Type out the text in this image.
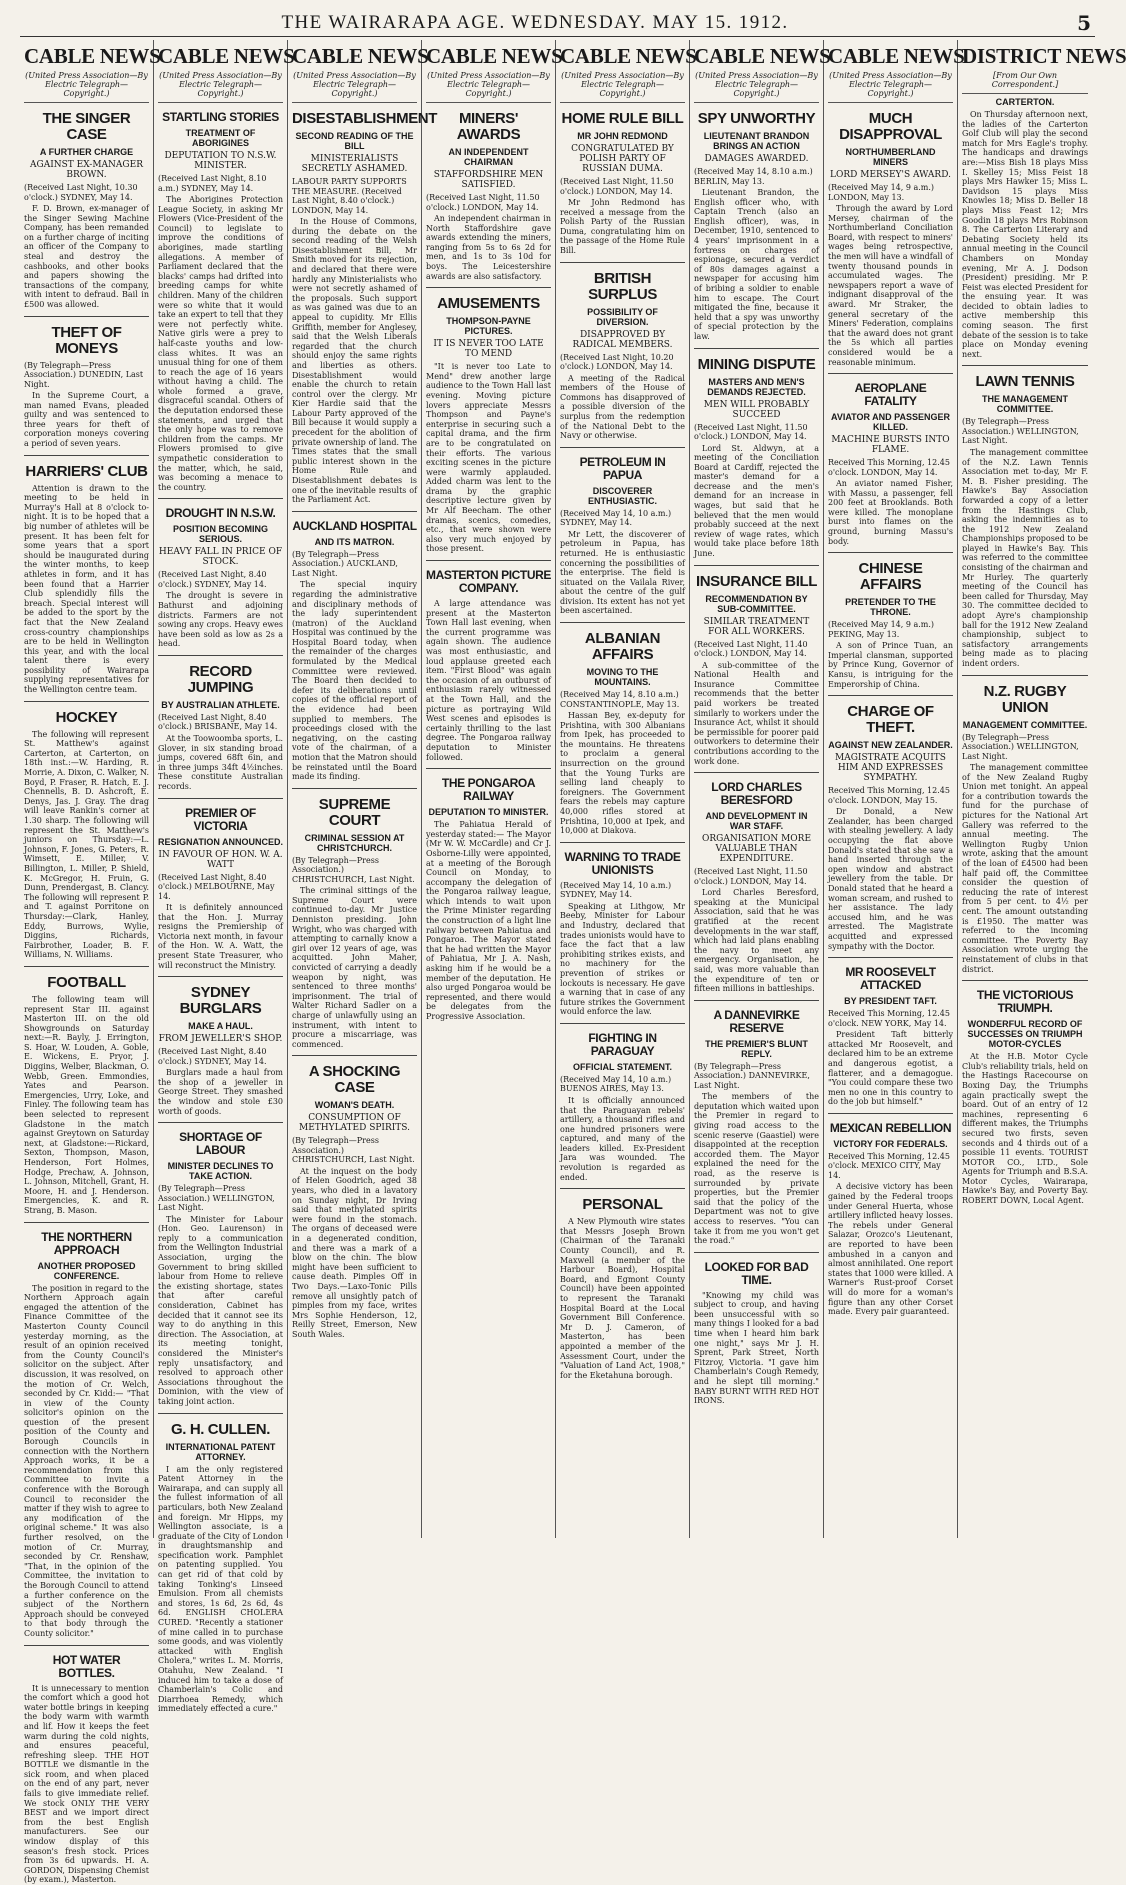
THE WAIRARAPA AGE. WEDNESDAY. MAY 15. 1912.	5
CABLE NEWS
(United Press Association—By Electric Telegraph—Copyright.)
THE SINGER CASE
A FURTHER CHARGE
AGAINST EX-MANAGER BROWN.
(Received Last Night, 10.30 o'clock.) SYDNEY, May 14.
F. D. Brown, ex-manager of the Singer Sewing Machine Company, has been remanded on a further charge of inciting an officer of the Company to steal and destroy the cashbooks, and other books and papers showing the transactions of the company, with intent to defraud. Bail in £500 was allowed.
THEFT OF MONEYS
(By Telegraph—Press Association.) DUNEDIN, Last Night.
In the Supreme Court, a man named Evans, pleaded guilty and was sentenced to three years for theft of corporation moneys covering a period of seven years.
HARRIERS' CLUB
Attention is drawn to the meeting to be held in Murray's Hall at 8 o'clock to-night. It is to be hoped that a big number of athletes will be present. It has been felt for some years that a sport should be inaugurated during the winter months, to keep athletes in form, and it has been found that a Harrier Club splendidly fills the breach. Special interest will be added to the sport by the fact that the New Zealand cross-country championships are to be held in Wellington this year, and with the local talent there is every possibility of Wairarapa supplying representatives for the Wellington centre team.
HOCKEY
The following will represent St. Matthew's against Carterton, at Carterton, on 18th inst.:—W. Harding, R. Morrie, A. Dixon, C. Walker, N. Boyd, P. Fraser, R. Hatch, E. J. Chennells, B. D. Ashcroft, E. Denys, Jas. J. Gray. The drag will leave Rankin's corner at 1.30 sharp. The following will represent the St. Matthew's juniors on Thursday:—L. Johnson, F. Jones, G. Peters, R. Wimsett, E. Miller, V. Billington, L. Miller, P. Shield, K. McGregor, H. Fruin, G. Dunn, Prendergast, B. Clancy. The following will represent P. and T. against Porritone on Thursday:—Clark, Hanley, Eddy, Burrows, Wylie, Diggins, Richards, Fairbrother, Loader, B. F. Williams, N. Williams.
FOOTBALL
The following team will represent Star III. against Masterton III. on the old Showgrounds on Saturday next:—R. Bayly, J. Errington, S. Hoar, W. Louden, A. Goble, E. Wickens, E. Pryor, J. Diggins, Welber, Blackman, O. Webb, Green. Emmondies, Yates and Pearson. Emergencies, Urry, Loke, and Finley. The following team has been selected to represent Gladstone in the match against Greytown on Saturday next, at Gladstone:—Rickard, Sexton, Thompson, Mason, Henderson, Fort Holmes, Hodge, Prechaw, A. Johnson, L. Johnson, Mitchell, Grant, H. Moore, H. and J. Henderson. Emergencies, K. and R. Strang, B. Mason.
THE NORTHERN APPROACH
ANOTHER PROPOSED CONFERENCE.
The position in regard to the Northern Approach again engaged the attention of the Finance Committee of the Masterton County Council yesterday morning, as the result of an opinion received from the County Council's solicitor on the subject. After discussion, it was resolved, on the motion of Cr. Welch, seconded by Cr. Kidd:— "That in view of the County solicitor's opinion on the question of the present position of the County and Borough Councils in connection with the Northern Approach works, it be a recommendation from this Committee to invite a conference with the Borough Council to reconsider the matter if they wish to agree to any modification of the original scheme." It was also further resolved, on the motion of Cr. Murray, seconded by Cr. Renshaw, "That, in the opinion of the Committee, the invitation to the Borough Council to attend a further conference on the subject of the Northern Approach should be conveyed to that body through the County solicitor."
HOT WATER BOTTLES.
It is unnecessary to mention the comfort which a good hot water bottle brings in keeping the body warm with warmth and lif. How it keeps the feet warm during the cold nights, and ensures peaceful, refreshing sleep. THE HOT BOTTLE we dismantle in the sick room, and when placed on the end of any part, never fails to give immediate relief. We stock ONLY THE VERY BEST and we import direct from the best English manufacturers. See our window display of this season's fresh stock. Prices from 3s 6d upwards. H. A. GORDON, Dispensing Chemist (by exam.), Masterton.
CABLE NEWS
(United Press Association—By Electric Telegraph—Copyright.)
STARTLING STORIES
TREATMENT OF ABORIGINES
DEPUTATION TO N.S.W. MINISTER.
(Received Last Night, 8.10 a.m.) SYDNEY, May 14.
The Aborigines Protection League Society, in asking Mr Flowers (Vice-President of the Council) to legislate to improve the conditions of aborigines, made startling allegations. A member of Parliament declared that the blacks' camps had drifted into breeding camps for white children. Many of the children were so white that it would take an expert to tell that they were not perfectly white. Native girls were a prey to half-caste youths and low-class whites. It was an unusual thing for one of them to reach the age of 16 years without having a child. The whole formed a grave, disgraceful scandal. Others of the deputation endorsed these statements, and urged that the only hope was to remove children from the camps. Mr Flowers promised to give sympathetic consideration to the matter, which, he said, was becoming a menace to the country.
DROUGHT IN N.S.W.
POSITION BECOMING SERIOUS.
HEAVY FALL IN PRICE OF STOCK.
(Received Last Night, 8.40 o'clock.) SYDNEY, May 14.
The drought is severe in Bathurst and adjoining districts. Farmers are not sowing any crops. Heavy ewes have been sold as low as 2s a head.
RECORD JUMPING
BY AUSTRALIAN ATHLETE.
(Received Last Night, 8.40 o'clock.) BRISBANE, May 14.
At the Toowoomba sports, L. Glover, in six standing broad jumps, covered 68ft 6in, and in three jumps 34ft 4½inches. These constitute Australian records.
PREMIER OF VICTORIA
RESIGNATION ANNOUNCED.
IN FAVOUR OF HON. W. A. WATT
(Received Last Night, 8.40 o'clock.) MELBOURNE, May 14.
It is definitely announced that the Hon. J. Murray resigns the Premiership of Victoria next month, in favour of the Hon. W. A. Watt, the present State Treasurer, who will reconstruct the Ministry.
SYDNEY BURGLARS
MAKE A HAUL.
FROM JEWELLER'S SHOP.
(Received Last Night, 8.40 o'clock.) SYDNEY, May 14.
Burglars made a haul from the shop of a jeweller in George Street. They smashed the window and stole £30 worth of goods.
SHORTAGE OF LABOUR
MINISTER DECLINES TO TAKE ACTION.
(By Telegraph—Press Association.) WELLINGTON, Last Night.
The Minister for Labour (Hon. Geo. Laurenson) in reply to a communication from the Wellington Industrial Association, urging the Government to bring skilled labour from Home to relieve the existing shortage, states that after careful consideration, Cabinet has decided that it cannot see its way to do anything in this direction. The Association, at its meeting tonight, considered the Minister's reply unsatisfactory, and resolved to approach other Associations throughout the Dominion, with the view of taking joint action.
G. H. CULLEN.
INTERNATIONAL PATENT ATTORNEY.
I am the only registered Patent Attorney in the Wairarapa, and can supply all the fullest information of all particulars, both New Zealand and foreign. Mr Hipps, my Wellington associate, is a graduate of the City of London in draughtsmanship and specification work. Pamphlet on patenting supplied. You can get rid of that cold by taking Tonking's Linseed Emulsion. From all chemists and stores, 1s 6d, 2s 6d, 4s 6d. ENGLISH CHOLERA CURED. "Recently a stationer of mine called in to purchase some goods, and was violently attacked with English Cholera," writes L. M. Morris, Otahuhu, New Zealand. "I induced him to take a dose of Chamberlain's Colic and Diarrhoea Remedy, which immediately effected a cure."
CABLE NEWS
(United Press Association—By Electric Telegraph—Copyright.)
DISESTABLISHMENT
SECOND READING OF THE BILL
MINISTERIALISTS SECRETLY ASHAMED.
LABOUR PARTY SUPPORTS THE MEASURE. (Received Last Night, 8.40 o'clock.) LONDON, May 14.
In the House of Commons, during the debate on the second reading of the Welsh Disestablishment Bill, Mr Smith moved for its rejection, and declared that there were hardly any Ministerialists who were not secretly ashamed of the proposals. Such support as was gained was due to an appeal to cupidity. Mr Ellis Griffith, member for Anglesey, said that the Welsh Liberals regarded that the church should enjoy the same rights and liberties as others. Disestablishment would enable the church to retain control over the clergy. Mr Kier Hardie said that the Labour Party approved of the Bill because it would supply a precedent for the abolition of private ownership of land. The Times states that the small public interest shown in the Home Rule and Disestablishment debates is one of the inevitable results of the Parliament Act.
AUCKLAND HOSPITAL
AND ITS MATRON.
(By Telegraph—Press Association.) AUCKLAND, Last Night.
The special inquiry regarding the administrative and disciplinary methods of the lady superintendent (matron) of the Auckland Hospital was continued by the Hospital Board today, when the remainder of the charges formulated by the Medical Committee were reviewed. The Board then decided to defer its deliberations until copies of the official report of the evidence had been supplied to members. The proceedings closed with the negativing, on the casting vote of the chairman, of a motion that the Matron should be reinstated until the Board made its finding.
SUPREME COURT
CRIMINAL SESSION AT CHRISTCHURCH.
(By Telegraph—Press Association.) CHRISTCHURCH, Last Night.
The criminal sittings of the Supreme Court were continued to-day. Mr Justice Denniston presiding. John Wright, who was charged with attempting to carnally know a girl over 12 years of age, was acquitted. John Maher, convicted of carrying a deadly weapon by night, was sentenced to three months' imprisonment. The trial of Walter Richard Sadler on a charge of unlawfully using an instrument, with intent to procure a miscarriage, was commenced.
A SHOCKING CASE
WOMAN'S DEATH.
CONSUMPTION OF METHYLATED SPIRITS.
(By Telegraph—Press Association.) CHRISTCHURCH, Last Night.
At the inquest on the body of Helen Goodrich, aged 38 years, who died in a lavatory on Sunday night, Dr Irving said that methylated spirits were found in the stomach. The organs of deceased were in a degenerated condition, and there was a mark of a blow on the chin. The blow might have been sufficient to cause death. Pimples Off in Two Days.—Laxo-Tonic Pills remove all unsightly patch of pimples from my face, writes Mrs Sophie Henderson, 12, Reilly Street, Emerson, New South Wales.
CABLE NEWS
(United Press Association—By Electric Telegraph—Copyright.)
MINERS' AWARDS
AN INDEPENDENT CHAIRMAN
STAFFORDSHIRE MEN SATISFIED.
(Received Last Night, 11.50 o'clock.) LONDON, May 14.
An independent chairman in North Staffordshire gave awards extending the miners, ranging from 5s to 6s 2d for men, and 1s to 3s 10d for boys. The Leicestershire awards are also satisfactory.
AMUSEMENTS
THOMPSON-PAYNE PICTURES.
IT IS NEVER TOO LATE TO MEND
"It is never too Late to Mend" drew another large audience to the Town Hall last evening. Moving picture lovers appreciate Messrs Thompson and Payne's enterprise in securing such a capital drama, and the firm are to be congratulated on their efforts. The various exciting scenes in the picture were warmly applauded. Added charm was lent to the drama by the graphic descriptive lecture given by Mr Alf Beecham. The other dramas, scenics, comedies, etc., that were shown were also very much enjoyed by those present.
MASTERTON PICTURE COMPANY.
A large attendance was present at the Masterton Town Hall last evening, when the current programme was again shown. The audience was most enthusiastic, and loud applause greeted each item. "First Blood" was again the occasion of an outburst of enthusiasm rarely witnessed at the Town Hall, and the picture as portraying Wild West scenes and episodes is certainly thrilling to the last degree. The Pongaroa railway deputation to Minister followed.
THE PONGAROA RAILWAY
DEPUTATION TO MINISTER.
The Pahiatua Herald of yesterday stated:— The Mayor (Mr W. W. McCardle) and Cr J. Osborne-Lilly were appointed, at a meeting of the Borough Council on Monday, to accompany the delegation of the Pongaroa railway league, which intends to wait upon the Prime Minister regarding the construction of a light line railway between Pahiatua and Pongaroa. The Mayor stated that he had written the Mayor of Pahiatua, Mr J. A. Nash, asking him if he would be a member of the deputation. He also urged Pongaroa would be represented, and there would be delegates from the Progressive Association.
CABLE NEWS
(United Press Association—By Electric Telegraph—Copyright.)
HOME RULE BILL
MR JOHN REDMOND
CONGRATULATED BY POLISH PARTY OF RUSSIAN DUMA.
(Received Last Night, 11.50 o'clock.) LONDON, May 14.
Mr John Redmond has received a message from the Polish Party of the Russian Duma, congratulating him on the passage of the Home Rule Bill.
BRITISH SURPLUS
POSSIBILITY OF DIVERSION.
DISAPPROVED BY RADICAL MEMBERS.
(Received Last Night, 10.20 o'clock.) LONDON, May 14.
A meeting of the Radical members of the House of Commons has disapproved of a possible diversion of the surplus from the redemption of the National Debt to the Navy or otherwise.
PETROLEUM IN PAPUA
DISCOVERER ENTHUSIASTIC.
(Received May 14, 10 a.m.) SYDNEY, May 14.
Mr Lett, the discoverer of petroleum in Papua, has returned. He is enthusiastic concerning the possibilities of the enterprise. The field is situated on the Vailala River, about the centre of the gulf division. Its extent has not yet been ascertained.
ALBANIAN AFFAIRS
MOVING TO THE MOUNTAINS.
(Received May 14, 8.10 a.m.) CONSTANTINOPLE, May 13.
Hassan Bey, ex-deputy for Prishtina, with 300 Albanians from Ipek, has proceeded to the mountains. He threatens to proclaim a general insurrection on the ground that the Young Turks are selling land cheaply to foreigners. The Government fears the rebels may capture 40,000 rifles stored at Prishtina, 10,000 at Ipek, and 10,000 at Diakova.
WARNING TO TRADE UNIONISTS
(Received May 14, 10 a.m.) SYDNEY, May 14.
Speaking at Lithgow, Mr Beeby, Minister for Labour and Industry, declared that trades unionists would have to face the fact that a law prohibiting strikes exists, and no machinery for the prevention of strikes or lockouts is necessary. He gave a warning that in case of any future strikes the Government would enforce the law.
FIGHTING IN PARAGUAY
OFFICIAL STATEMENT.
(Received May 14, 10 a.m.) BUENOS AIRES, May 13.
It is officially announced that the Paraguayan rebels' artillery, a thousand rifles and one hundred prisoners were captured, and many of the leaders killed. Ex-President Jara was wounded. The revolution is regarded as ended.
PERSONAL
A New Plymouth wire states that Messrs Joseph Brown (Chairman of the Taranaki County Council), and R. Maxwell (a member of the Harbour Board), Hospital Board, and Egmont County Council) have been appointed to represent the Taranaki Hospital Board at the Local Government Bill Conference. Mr D. J. Cameron, of Masterton, has been appointed a member of the Assessment Court, under the "Valuation of Land Act, 1908," for the Eketahuna borough.
CABLE NEWS
(United Press Association—By Electric Telegraph—Copyright.)
SPY UNWORTHY
LIEUTENANT BRANDON BRINGS AN ACTION
DAMAGES AWARDED.
(Received May 14, 8.10 a.m.) BERLIN, May 13.
Lieutenant Brandon, the English officer who, with Captain Trench (also an English officer), was, in December, 1910, sentenced to 4 years' imprisonment in a fortress on charges of espionage, secured a verdict of 80s damages against a newspaper for accusing him of bribing a soldier to enable him to escape. The Court mitigated the fine, because it held that a spy was unworthy of special protection by the law.
MINING DISPUTE
MASTERS AND MEN'S DEMANDS REJECTED.
MEN WILL PROBABLY SUCCEED
(Received Last Night, 11.50 o'clock.) LONDON, May 14.
Lord St. Aldwyn, at a meeting of the Conciliation Board at Cardiff, rejected the master's demand for a decrease and the men's demand for an increase in wages, but said that he believed that the men would probably succeed at the next review of wage rates, which would take place before 18th June.
INSURANCE BILL
RECOMMENDATION BY SUB-COMMITTEE.
SIMILAR TREATMENT FOR ALL WORKERS.
(Received Last Night, 11.40 o'clock.) LONDON, May 14.
A sub-committee of the National Health and Insurance Committee recommends that the better paid workers be treated similarly to workers under the Insurance Act, whilst it should be permissible for poorer paid outworkers to determine their contributions according to the work done.
LORD CHARLES BERESFORD
AND DEVELOPMENT IN WAR STAFF.
ORGANISATION MORE VALUABLE THAN EXPENDITURE.
(Received Last Night, 11.50 o'clock.) LONDON, May 14.
Lord Charles Beresford, speaking at the Municipal Association, said that he was gratified at the recent developments in the war staff, which had laid plans enabling the navy to meet any emergency. Organisation, he said, was more valuable than the expenditure of ten or fifteen millions in battleships.
A DANNEVIRKE RESERVE
THE PREMIER'S BLUNT REPLY.
(By Telegraph—Press Association.) DANNEVIRKE, Last Night.
The members of the deputation which waited upon the Premier in regard to giving road access to the scenic reserve (Gaastiel) were disappointed at the reception accorded them. The Mayor explained the need for the road, as the reserve is surrounded by private properties, but the Premier said that the policy of the Department was not to give access to reserves. "You can take it from me you won't get the road."
LOOKED FOR BAD TIME.
"Knowing my child was subject to croup, and having been unsuccessful with so many things I looked for a bad time when I heard him bark one night," says Mr J. H. Sprent, Park Street, North Fitzroy, Victoria. "I gave him Chamberlain's Cough Remedy, and he slept till morning." BABY BURNT WITH RED HOT IRONS.
CABLE NEWS
(United Press Association—By Electric Telegraph—Copyright.)
MUCH DISAPPROVAL
NORTHUMBERLAND MINERS
LORD MERSEY'S AWARD.
(Received May 14, 9 a.m.) LONDON, May 13.
Through the award by Lord Mersey, chairman of the Northumberland Conciliation Board, with respect to miners' wages being retrospective, the men will have a windfall of twenty thousand pounds in accumulated wages. The newspapers report a wave of indignant disapproval of the award. Mr Straker, the general secretary of the Miners' Federation, complains that the award does not grant the 5s which all parties considered would be a reasonable minimum.
AEROPLANE FATALITY
AVIATOR AND PASSENGER KILLED.
MACHINE BURSTS INTO FLAME.
Received This Morning, 12.45 o'clock. LONDON, May 14.
An aviator named Fisher, with Massu, a passenger, fell 200 feet at Brooklands. Both were killed. The monoplane burst into flames on the ground, burning Massu's body.
CHINESE AFFAIRS
PRETENDER TO THE THRONE.
(Received May 14, 9 a.m.) PEKING, May 13.
A son of Prince Tuan, an Imperial clansman, supported by Prince Kung, Governor of Kansu, is intriguing for the Emperorship of China.
CHARGE OF THEFT.
AGAINST NEW ZEALANDER.
MAGISTRATE ACQUITS HIM AND EXPRESSES SYMPATHY.
Received This Morning, 12.45 o'clock. LONDON, May 15.
Dr Donald, a New Zealander, has been charged with stealing jewellery. A lady occupying the flat above Donald's stated that she saw a hand inserted through the open window and abstract jewellery from the table. Dr Donald stated that he heard a woman scream, and rushed to her assistance. The lady accused him, and he was arrested. The Magistrate acquitted and expressed sympathy with the Doctor.
MR ROOSEVELT ATTACKED
BY PRESIDENT TAFT.
Received This Morning, 12.45 o'clock. NEW YORK, May 14.
President Taft bitterly attacked Mr Roosevelt, and declared him to be an extreme and dangerous egotist, a flatterer, and a demagogue. "You could compare these two men no one in this country to do the job but himself."
MEXICAN REBELLION
VICTORY FOR FEDERALS.
Received This Morning, 12.45 o'clock. MEXICO CITY, May 14.
A decisive victory has been gained by the Federal troops under General Huerta, whose artillery inflicted heavy losses. The rebels under General Salazar, Orozco's Lieutenant, are reported to have been ambushed in a canyon and almost annihilated. One report states that 1000 were killed. A Warner's Rust-proof Corset will do more for a woman's figure than any other Corset made. Every pair guaranteed.
DISTRICT NEWS
[From Our Own Correspondent.]
CARTERTON.
On Thursday afternoon next, the ladies of the Carterton Golf Club will play the second match for Mrs Eagle's trophy. The handicaps and drawings are:—Miss Bish 18 plays Miss I. Skelley 15; Miss Feist 18 plays Mrs Hawker 15; Miss L. Davidson 15 plays Miss Knowles 18; Miss D. Beller 18 plays Miss Feast 12; Mrs Goodin 18 plays Mrs Robinson 8. The Carterton Literary and Debating Society held its annual meeting in the Council Chambers on Monday evening, Mr A. J. Dodson (President) presiding. Mr P. Feist was elected President for the ensuing year. It was decided to obtain ladies to active membership this coming season. The first debate of the session is to take place on Monday evening next.
LAWN TENNIS
THE MANAGEMENT COMMITTEE.
(By Telegraph—Press Association.) WELLINGTON, Last Night.
The management committee of the N.Z. Lawn Tennis Association met to-day, Mr F. M. B. Fisher presiding. The Hawke's Bay Association forwarded a copy of a letter from the Hastings Club, asking the indemnities as to the 1912 New Zealand Championships proposed to be played in Hawke's Bay. This was referred to the committee consisting of the chairman and Mr Hurley. The quarterly meeting of the Council has been called for Thursday, May 30. The committee decided to adopt Ayre's championship ball for the 1912 New Zealand championship, subject to satisfactory arrangements being made as to placing indent orders.
N.Z. RUGBY UNION
MANAGEMENT COMMITTEE.
(By Telegraph—Press Association.) WELLINGTON, Last Night.
The management committee of the New Zealand Rugby Union met tonight. An appeal for a contribution towards the fund for the purchase of pictures for the National Art Gallery was referred to the annual meeting. The Wellington Rugby Union wrote, asking that the amount of the loan of £4500 had been half paid off, the Committee consider the question of reducing the rate of interest from 5 per cent. to 4½ per cent. The amount outstanding is £1950. The matter was referred to the incoming committee. The Poverty Bay Association wrote urging the reinstatement of clubs in that district.
THE VICTORIOUS TRIUMPH.
WONDERFUL RECORD OF SUCCESSES ON TRIUMPH MOTOR-CYCLES
At the H.B. Motor Cycle Club's reliability trials, held on the Hastings Racecourse on Boxing Day, the Triumphs again practically swept the board. Out of an entry of 12 machines, representing 6 different makes, the Triumphs secured two firsts, seven seconds and 4 thirds out of a possible 11 events. TOURIST MOTOR CO., LTD., Sole Agents for Triumph and B.S.A. Motor Cycles, Wairarapa, Hawke's Bay, and Poverty Bay. ROBERT DOWN, Local Agent.
